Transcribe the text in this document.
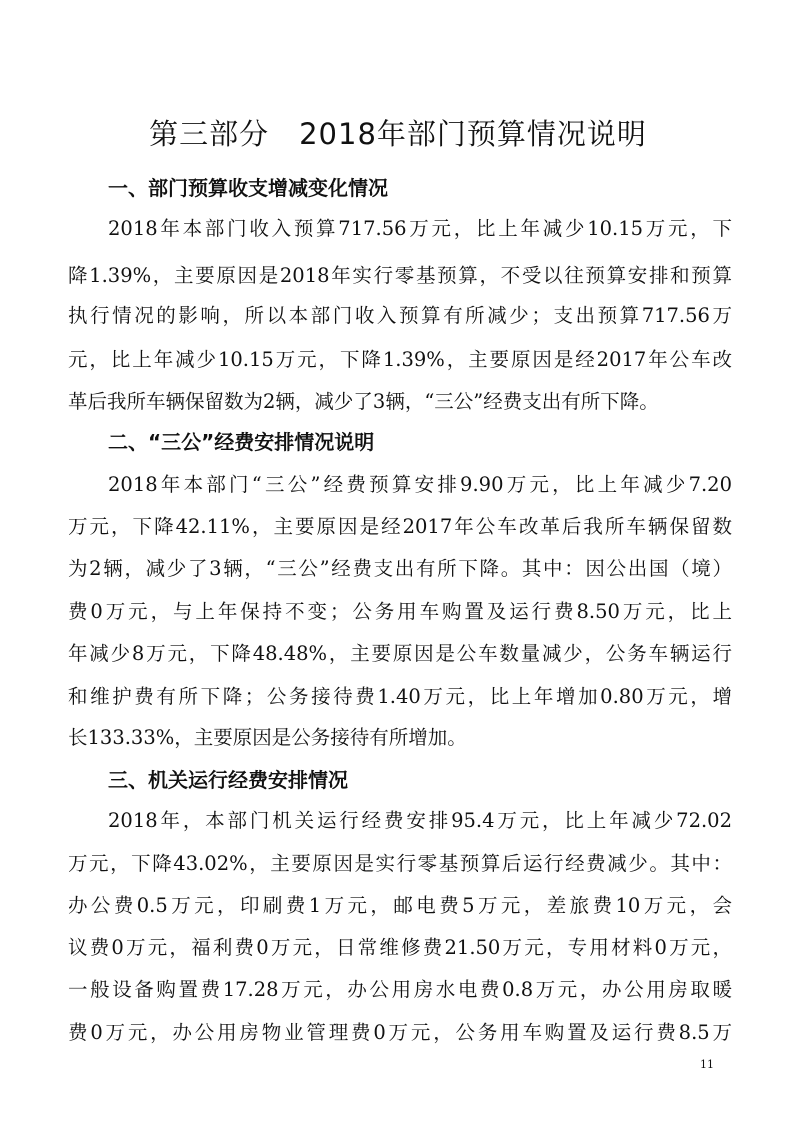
第三部分　2018年部门预算情况说明
一、部门预算收支增减变化情况
2018年本部门收入预算717.56万元，比上年减少10.15万元，下
降1.39%，主要原因是2018年实行零基预算，不受以往预算安排和预算
执行情况的影响，所以本部门收入预算有所减少；支出预算717.56万
元，比上年减少10.15万元，下降1.39%，主要原因是经2017年公车改
革后我所车辆保留数为2辆，减少了3辆，“三公”经费支出有所下降。
二、“三公”经费安排情况说明
2018年本部门“三公”经费预算安排9.90万元，比上年减少7.20
万元，下降42.11%，主要原因是经2017年公车改革后我所车辆保留数
为2辆，减少了3辆，“三公”经费支出有所下降。其中：因公出国（境）
费0万元，与上年保持不变；公务用车购置及运行费8.50万元，比上
年减少8万元，下降48.48%，主要原因是公车数量减少，公务车辆运行
和维护费有所下降；公务接待费1.40万元，比上年增加0.80万元，增
长133.33%，主要原因是公务接待有所增加。
三、机关运行经费安排情况
2018年，本部门机关运行经费安排95.4万元，比上年减少72.02
万元，下降43.02%，主要原因是实行零基预算后运行经费减少。其中：
办公费0.5万元，印刷费1万元，邮电费5万元，差旅费10万元，会
议费0万元，福利费0万元，日常维修费21.50万元，专用材料0万元，
一般设备购置费17.28万元，办公用房水电费0.8万元，办公用房取暖
费0万元，办公用房物业管理费0万元，公务用车购置及运行费8.5万
11
